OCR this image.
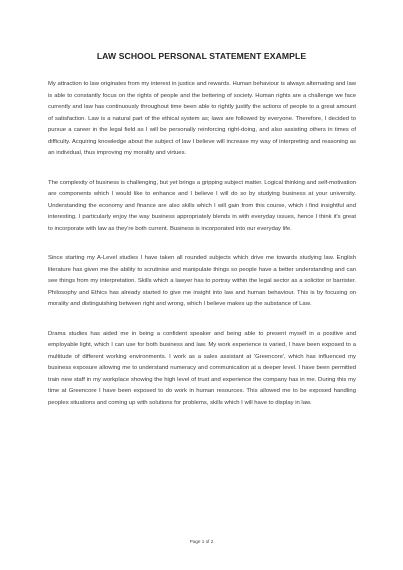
LAW SCHOOL PERSONAL STATEMENT EXAMPLE

My attraction to law originates from my interest in justice and rewards. Human behaviour is always alternating and law is able to constantly focus on the rights of people and the bettering of society. Human rights are a challenge we face currently and law has continuously throughout time been able to rightly justify the actions of people to a great amount of satisfaction. Law is a natural part of the ethical system as; laws are followed by everyone. Therefore, I decided to pursue a career in the legal field as I will be personally reinforcing right-doing, and also assisting others in times of difficulty. Acquiring knowledge about the subject of law I believe will increase my way of interpreting and reasoning as an individual, thus improving my morality and virtues.

The complexity of business is challenging, but yet brings a gripping subject matter. Logical thinking and self-motivation are components which I would like to enhance and I believe I will do so by studying business at your university. Understanding the economy and finance are also skills which I will gain from this course, which i find insightful and interesting. I particularly enjoy the way business appropriately blends in with everyday issues, hence I think it's great to incorporate with law as they're both current. Business is incorporated into our everyday life.

Since starting my A-Level studies I have taken all rounded subjects which drive me towards studying law. English literature has given me the ability to scrutinise and manipulate things so people have a better understanding and can see things from my interpretation. Skills which a lawyer has to portray within the legal sector as a solicitor or barrister. Philosophy and Ethics has already started to give me insight into law and human behaviour. This is by focusing on morality and distinguishing between right and wrong, which I believe makes up the substance of Law.

Drama studies has aided me in being a confident speaker and being able to present myself in a positive and employable light, which I can use for both business and law. My work experience is varied, I have been exposed to a multitude of different working environments. I work as a sales assistant at 'Greencore', which has influenced my business exposure allowing me to understand numeracy and communication at a deeper level. I have been permitted train new staff in my workplace showing the high level of trust and experience the company has in me. During this my time at Greencore I have been exposed to do work in human resources. This allowed me to be exposed handling peoples situations and coming up with solutions for problems, skills which I will have to display in law.

Page 1 of 2
